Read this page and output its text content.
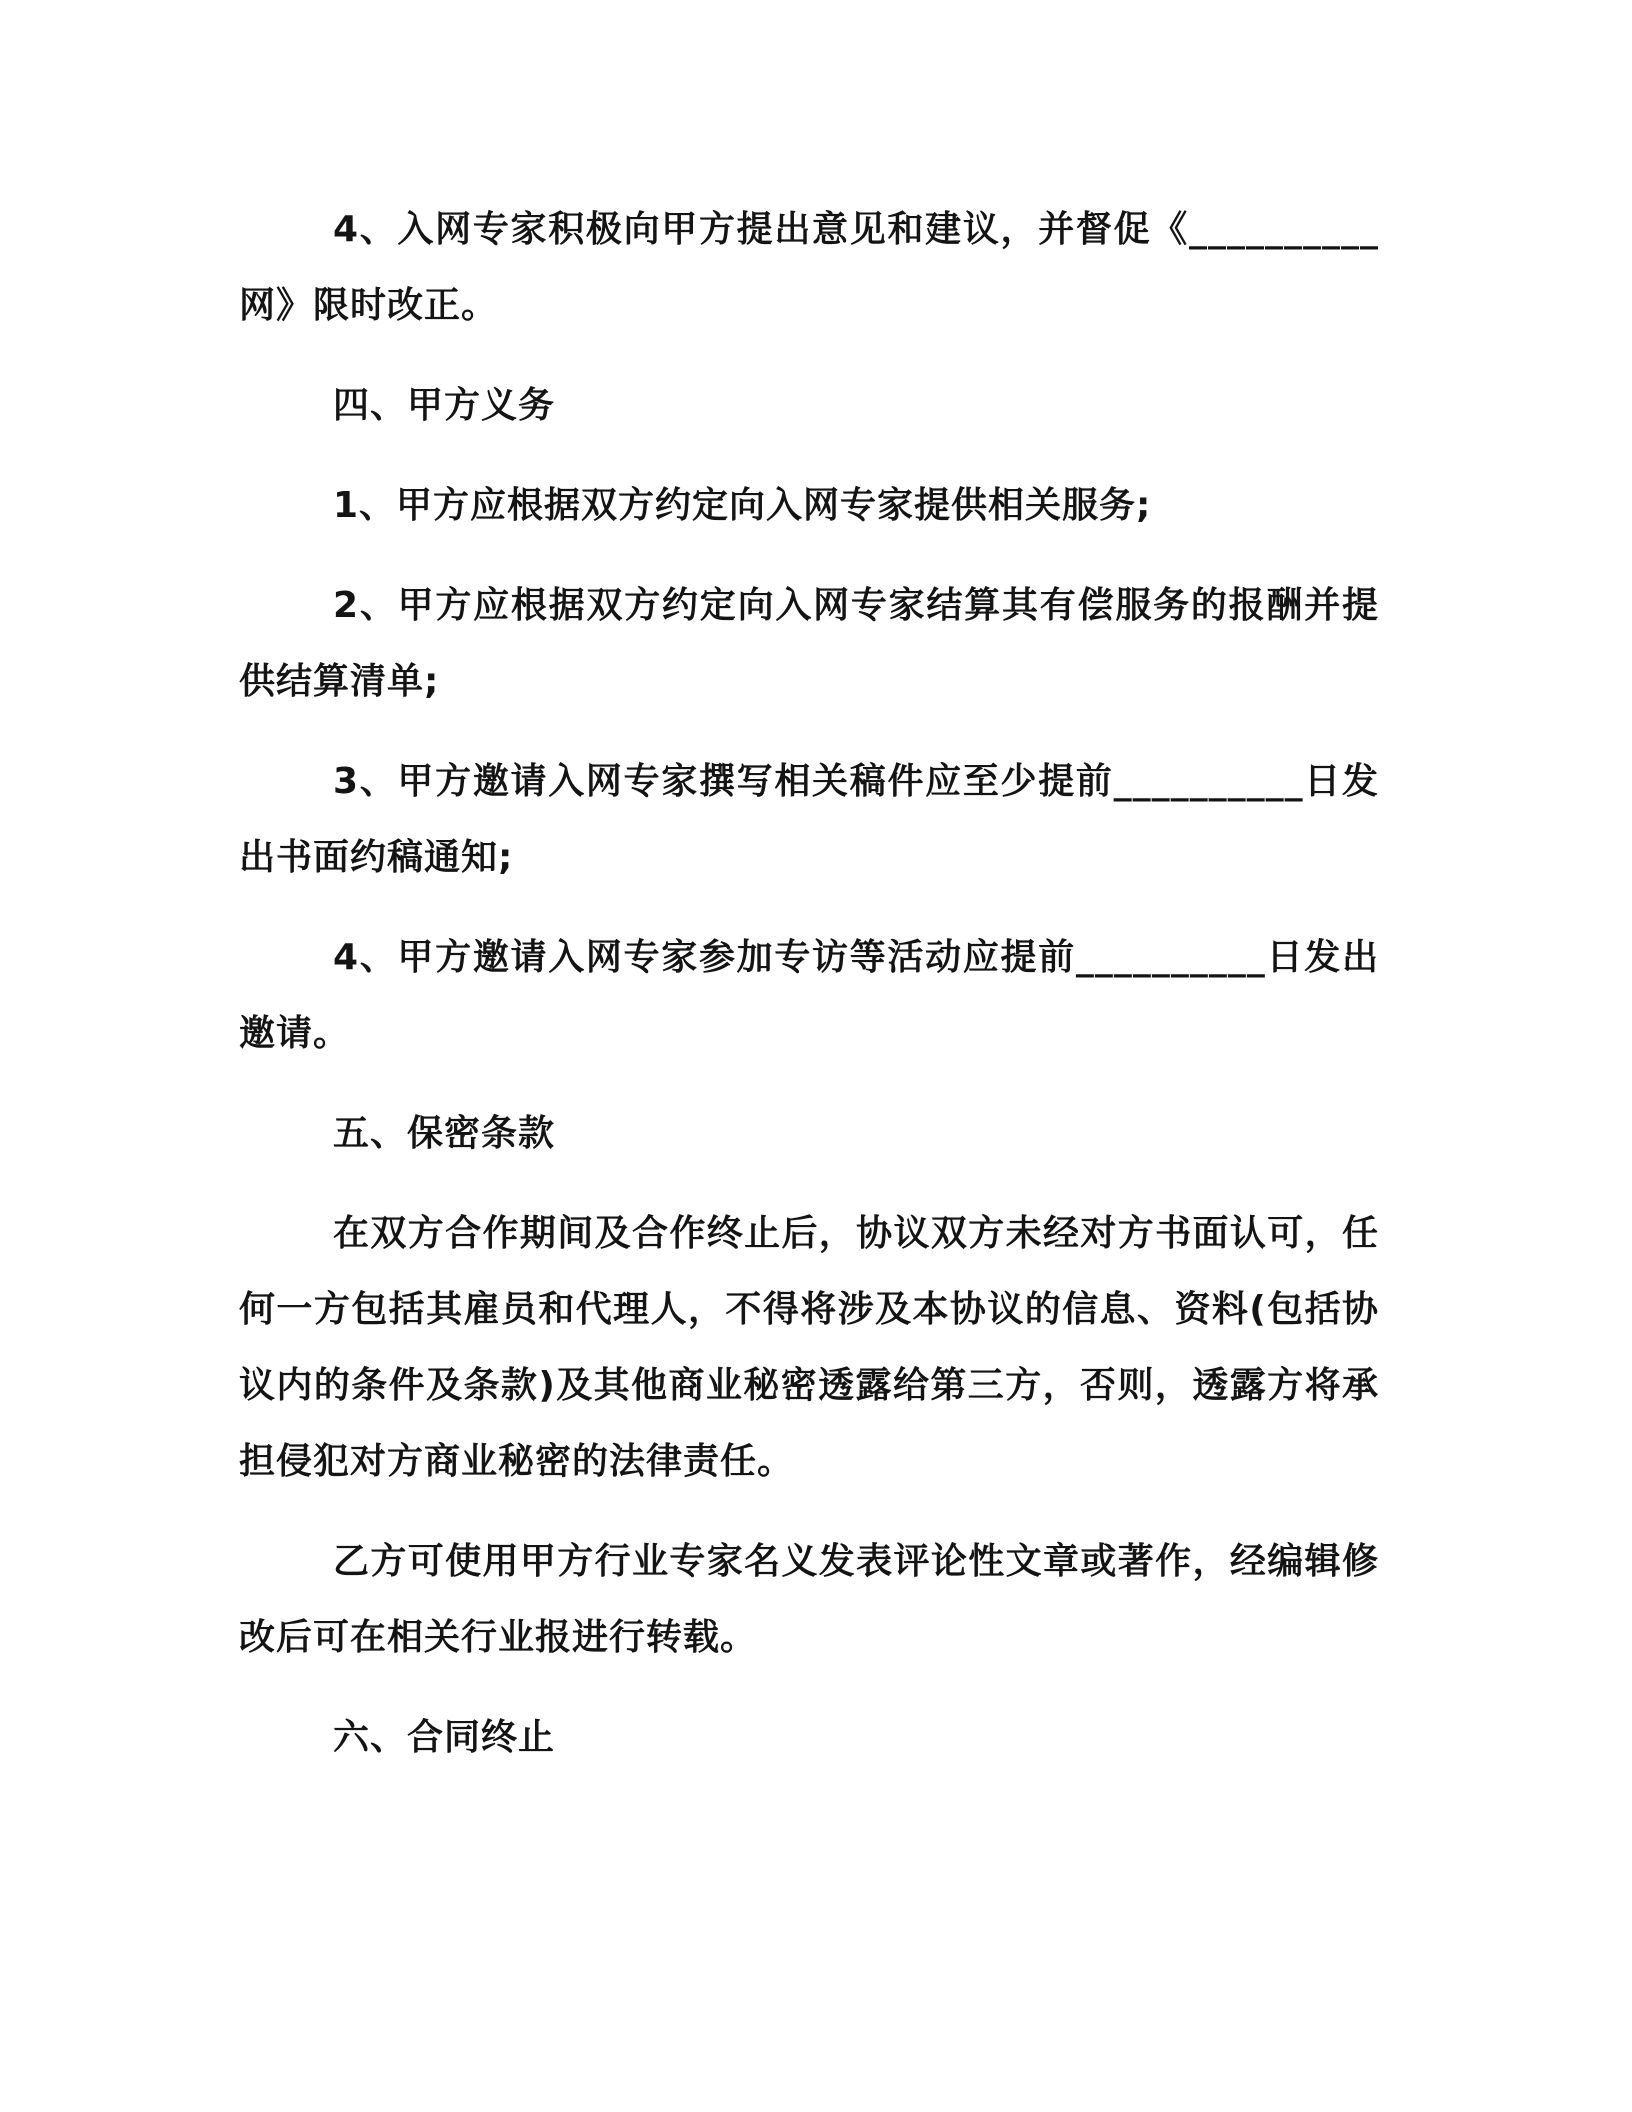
4、入网专家积极向甲方提出意见和建议，并督促《__________网》限时改正。

四、甲方义务

1、甲方应根据双方约定向入网专家提供相关服务;

2、甲方应根据双方约定向入网专家结算其有偿服务的报酬并提供结算清单;

3、甲方邀请入网专家撰写相关稿件应至少提前__________日发出书面约稿通知;

4、甲方邀请入网专家参加专访等活动应提前__________日发出邀请。

五、保密条款

在双方合作期间及合作终止后，协议双方未经对方书面认可，任何一方包括其雇员和代理人，不得将涉及本协议的信息、资料(包括协议内的条件及条款)及其他商业秘密透露给第三方，否则，透露方将承担侵犯对方商业秘密的法律责任。

乙方可使用甲方行业专家名义发表评论性文章或著作，经编辑修改后可在相关行业报进行转载。

六、合同终止
